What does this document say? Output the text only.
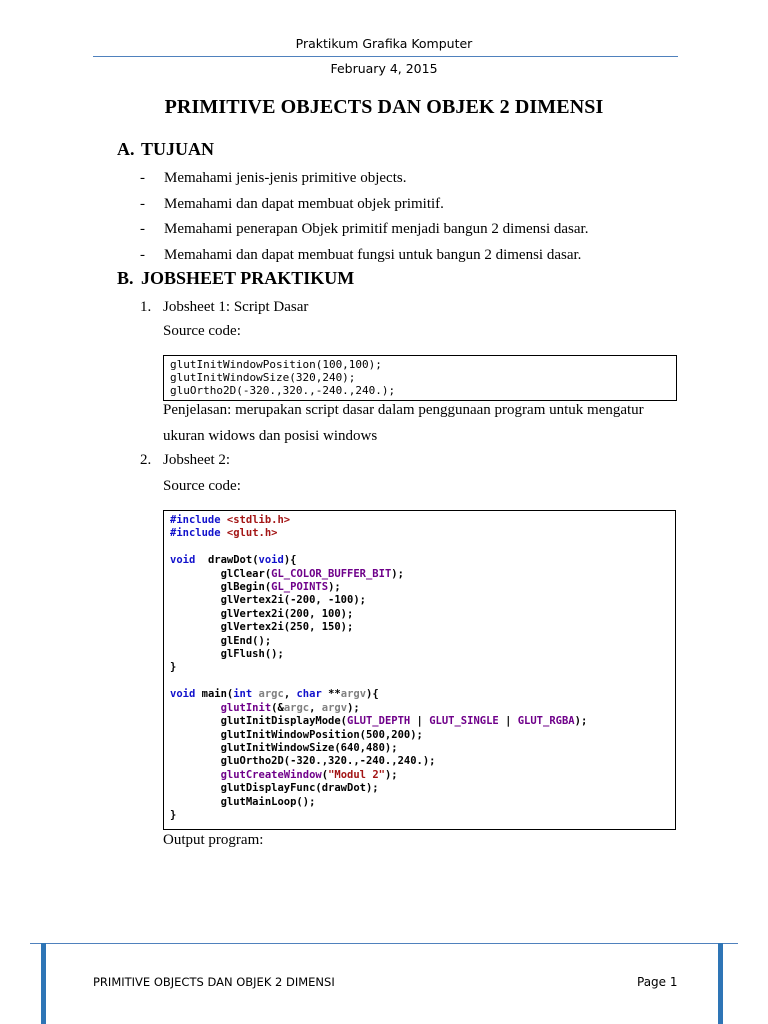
Praktikum Grafika Komputer
February 4, 2015
PRIMITIVE OBJECTS DAN OBJEK 2 DIMENSI
A. TUJUAN
- Memahami jenis-jenis primitive objects.
- Memahami dan dapat membuat objek primitif.
- Memahami penerapan Objek primitif menjadi bangun 2 dimensi dasar.
- Memahami dan dapat membuat fungsi untuk bangun 2 dimensi dasar.
B. JOBSHEET PRAKTIKUM
1. Jobsheet 1: Script Dasar
Source code:
glutInitWindowPosition(100,100);
glutInitWindowSize(320,240);
gluOrtho2D(-320.,320.,-240.,240.);
Penjelasan: merupakan script dasar dalam penggunaan program untuk mengatur
ukuran widows dan posisi windows
2. Jobsheet 2:
Source code:
#include <stdlib.h>
#include <glut.h>

void  drawDot(void){
glClear(GL_COLOR_BUFFER_BIT);
glBegin(GL_POINTS);
glVertex2i(-200, -100);
glVertex2i(200, 100);
glVertex2i(250, 150);
glEnd();
glFlush();
}

void main(int argc, char **argv){
glutInit(&argc, argv);
glutInitDisplayMode(GLUT_DEPTH | GLUT_SINGLE | GLUT_RGBA);
glutInitWindowPosition(500,200);
glutInitWindowSize(640,480);
gluOrtho2D(-320.,320.,-240.,240.);
glutCreateWindow("Modul 2");
glutDisplayFunc(drawDot);
glutMainLoop();
}
Output program:
PRIMITIVE OBJECTS DAN OBJEK 2 DIMENSI	Page 1
